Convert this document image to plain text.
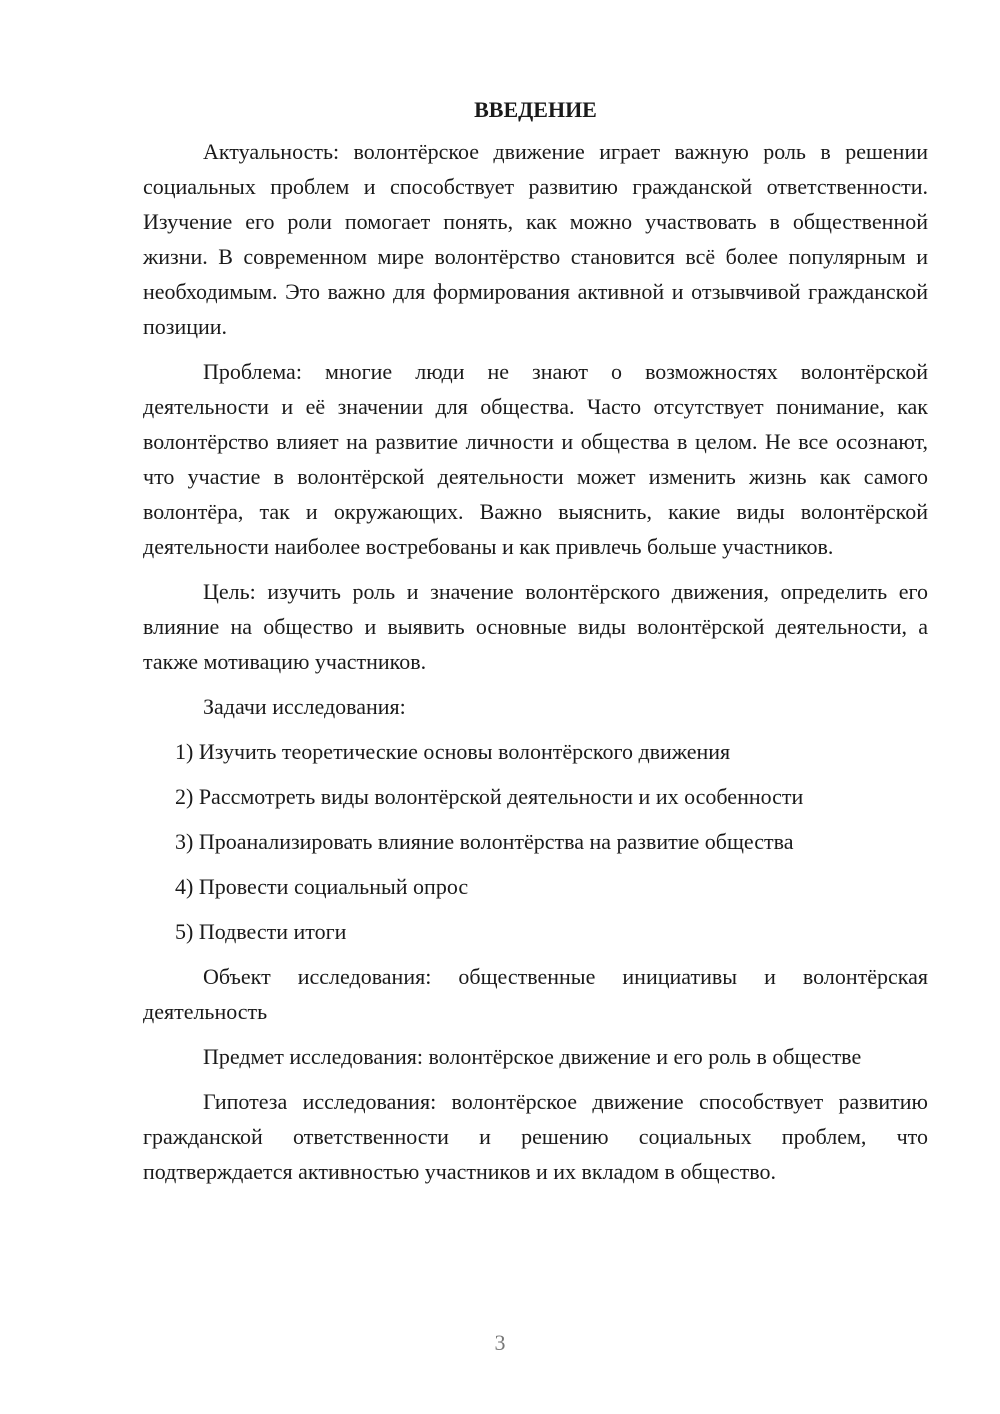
ВВЕДЕНИЕ

Актуальность: волонтёрское движение играет важную роль в решении социальных проблем и способствует развитию гражданской ответственности. Изучение его роли помогает понять, как можно участвовать в общественной жизни. В современном мире волонтёрство становится всё более популярным и необходимым. Это важно для формирования активной и отзывчивой гражданской позиции.

Проблема: многие люди не знают о возможностях волонтёрской деятельности и её значении для общества. Часто отсутствует понимание, как волонтёрство влияет на развитие личности и общества в целом. Не все осознают, что участие в волонтёрской деятельности может изменить жизнь как самого волонтёра, так и окружающих. Важно выяснить, какие виды волонтёрской деятельности наиболее востребованы и как привлечь больше участников.

Цель: изучить роль и значение волонтёрского движения, определить его влияние на общество и выявить основные виды волонтёрской деятельности, а также мотивацию участников.

Задачи исследования:

1) Изучить теоретические основы волонтёрского движения
2) Рассмотреть виды волонтёрской деятельности и их особенности
3) Проанализировать влияние волонтёрства на развитие общества
4) Провести социальный опрос
5) Подвести итоги

Объект исследования: общественные инициативы и волонтёрская деятельность

Предмет исследования: волонтёрское движение и его роль в обществе

Гипотеза исследования: волонтёрское движение способствует развитию гражданской ответственности и решению социальных проблем, что подтверждается активностью участников и их вкладом в общество.

3
